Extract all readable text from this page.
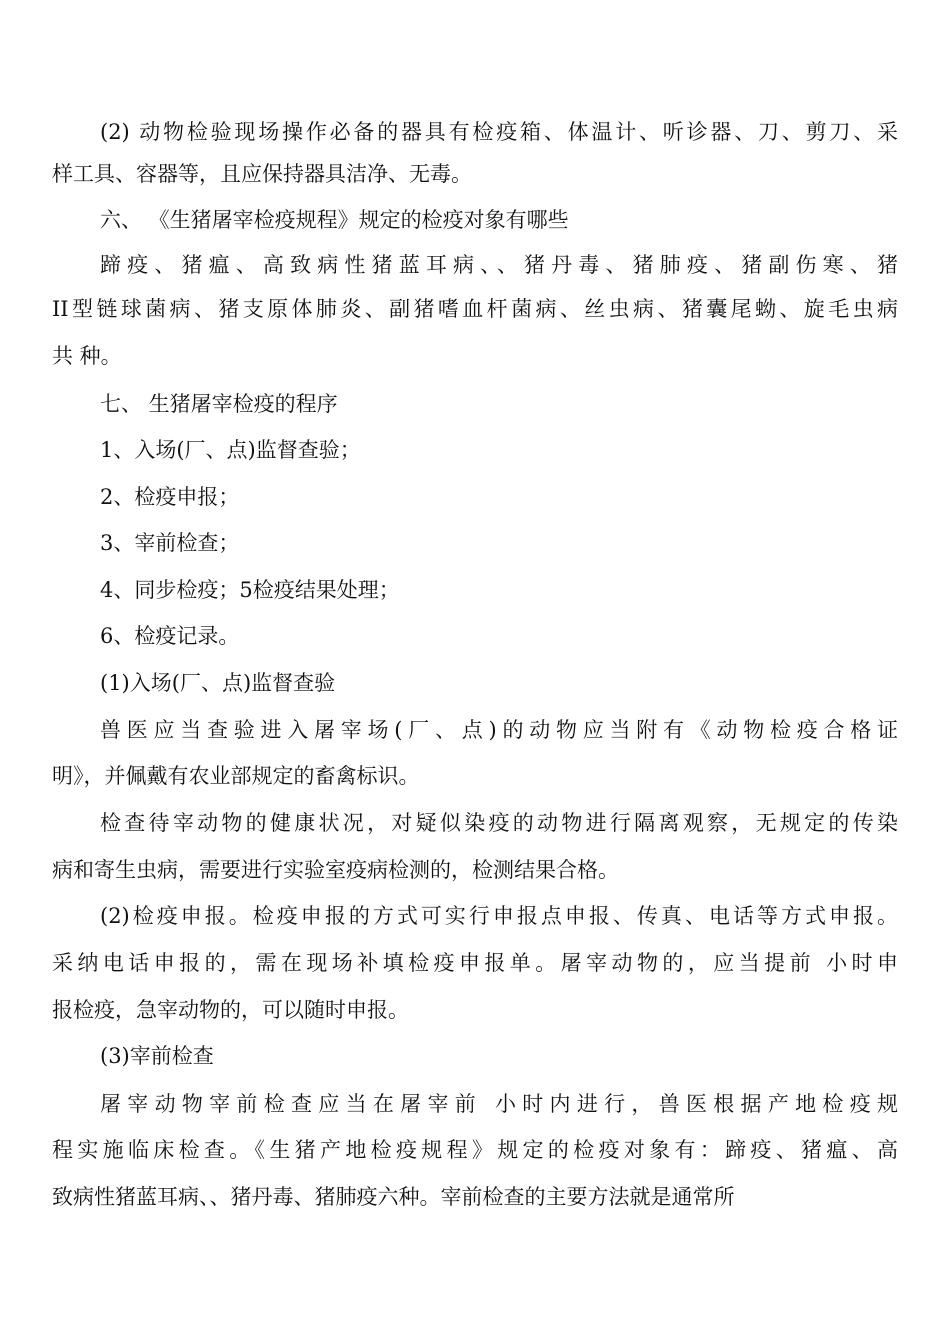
(2) 动物检验现场操作必备的器具有检疫箱、体温计、听诊器、刀、剪刀、采
样工具、容器等，且应保持器具洁净、无毒。
六、 《生猪屠宰检疫规程》规定的检疫对象有哪些
蹄疫、猪瘟、高致病性猪蓝耳病、、猪丹毒、猪肺疫、猪副伤寒、猪
II型链球菌病、猪支原体肺炎、副猪嗜血杆菌病、丝虫病、猪囊尾蚴、旋毛虫病
共 种。
七、 生猪屠宰检疫的程序
1、入场(厂、点)监督查验；
2、检疫申报；
3、宰前检查；
4、同步检疫；5检疫结果处理；
6、检疫记录。
(1)入场(厂、点)监督查验
兽医应当查验进入屠宰场(厂、点)的动物应当附有《动物检疫合格证
明》，并佩戴有农业部规定的畜禽标识。
检查待宰动物的健康状况，对疑似染疫的动物进行隔离观察，无规定的传染
病和寄生虫病，需要进行实验室疫病检测的，检测结果合格。
(2)检疫申报。检疫申报的方式可实行申报点申报、传真、电话等方式申报。
采纳电话申报的，需在现场补填检疫申报单。屠宰动物的，应当提前 小时申
报检疫，急宰动物的，可以随时申报。
(3)宰前检查
屠宰动物宰前检查应当在屠宰前 小时内进行，兽医根据产地检疫规
程实施临床检查。《生猪产地检疫规程》规定的检疫对象有：蹄疫、猪瘟、高
致病性猪蓝耳病、、猪丹毒、猪肺疫六种。宰前检查的主要方法就是通常所
